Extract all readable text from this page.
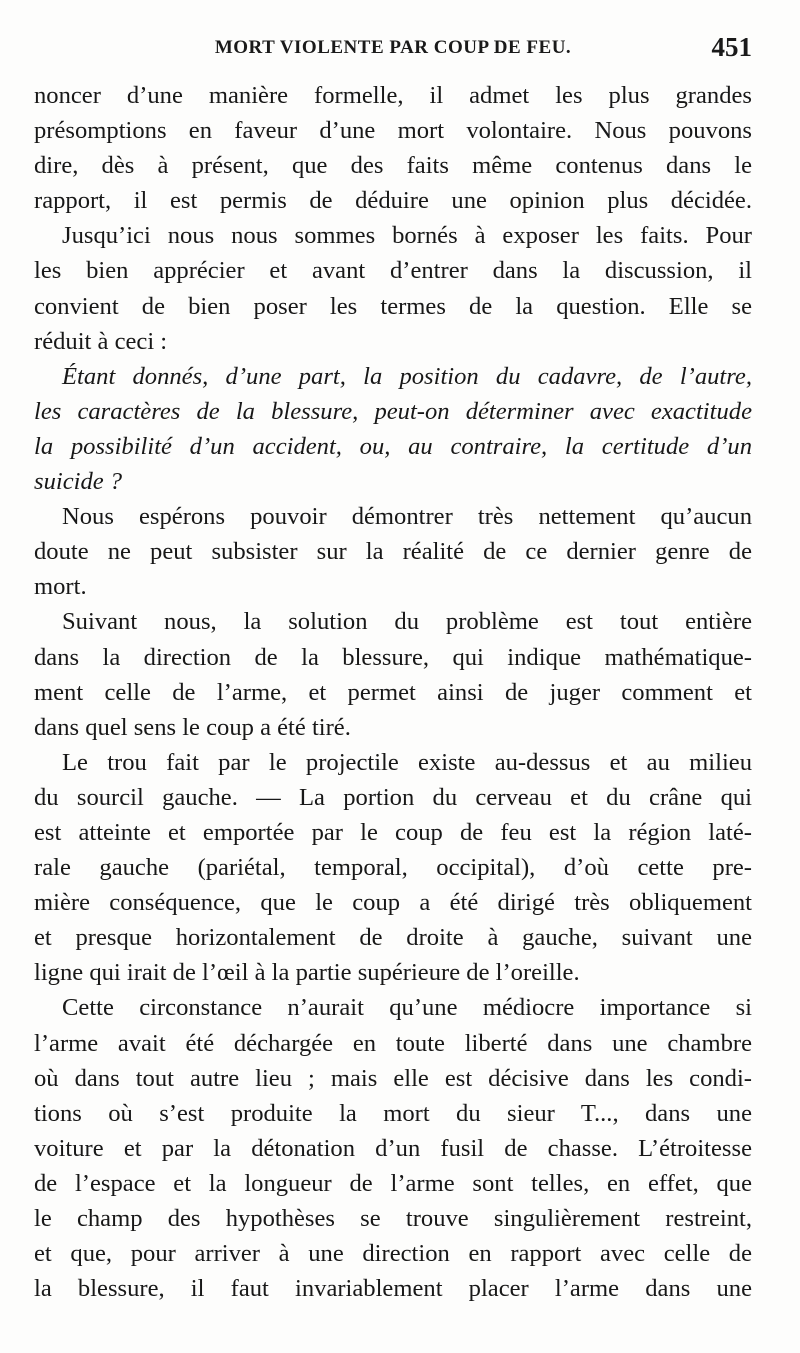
MORT VIOLENTE PAR COUP DE FEU.	451
noncer d’une manière formelle, il admet les plus grandes
présomptions en faveur d’une mort volontaire. Nous pouvons
dire, dès à présent, que des faits même contenus dans le
rapport, il est permis de déduire une opinion plus décidée.
Jusqu’ici nous nous sommes bornés à exposer les faits. Pour
les bien apprécier et avant d’entrer dans la discussion, il
convient de bien poser les termes de la question. Elle se
réduit à ceci :
Étant donnés, d’une part, la position du cadavre, de l’autre,
les caractères de la blessure, peut-on déterminer avec exactitude
la possibilité d’un accident, ou, au contraire, la certitude d’un
suicide ?
Nous espérons pouvoir démontrer très nettement qu’aucun
doute ne peut subsister sur la réalité de ce dernier genre de
mort.
Suivant nous, la solution du problème est tout entière
dans la direction de la blessure, qui indique mathématique-
ment celle de l’arme, et permet ainsi de juger comment et
dans quel sens le coup a été tiré.
Le trou fait par le projectile existe au-dessus et au milieu
du sourcil gauche. — La portion du cerveau et du crâne qui
est atteinte et emportée par le coup de feu est la région laté-
rale gauche (pariétal, temporal, occipital), d’où cette pre-
mière conséquence, que le coup a été dirigé très obliquement
et presque horizontalement de droite à gauche, suivant une
ligne qui irait de l’œil à la partie supérieure de l’oreille.
Cette circonstance n’aurait qu’une médiocre importance si
l’arme avait été déchargée en toute liberté dans une chambre
où dans tout autre lieu ; mais elle est décisive dans les condi-
tions où s’est produite la mort du sieur T..., dans une
voiture et par la détonation d’un fusil de chasse. L’étroitesse
de l’espace et la longueur de l’arme sont telles, en effet, que
le champ des hypothèses se trouve singulièrement restreint,
et que, pour arriver à une direction en rapport avec celle de
la blessure, il faut invariablement placer l’arme dans une
